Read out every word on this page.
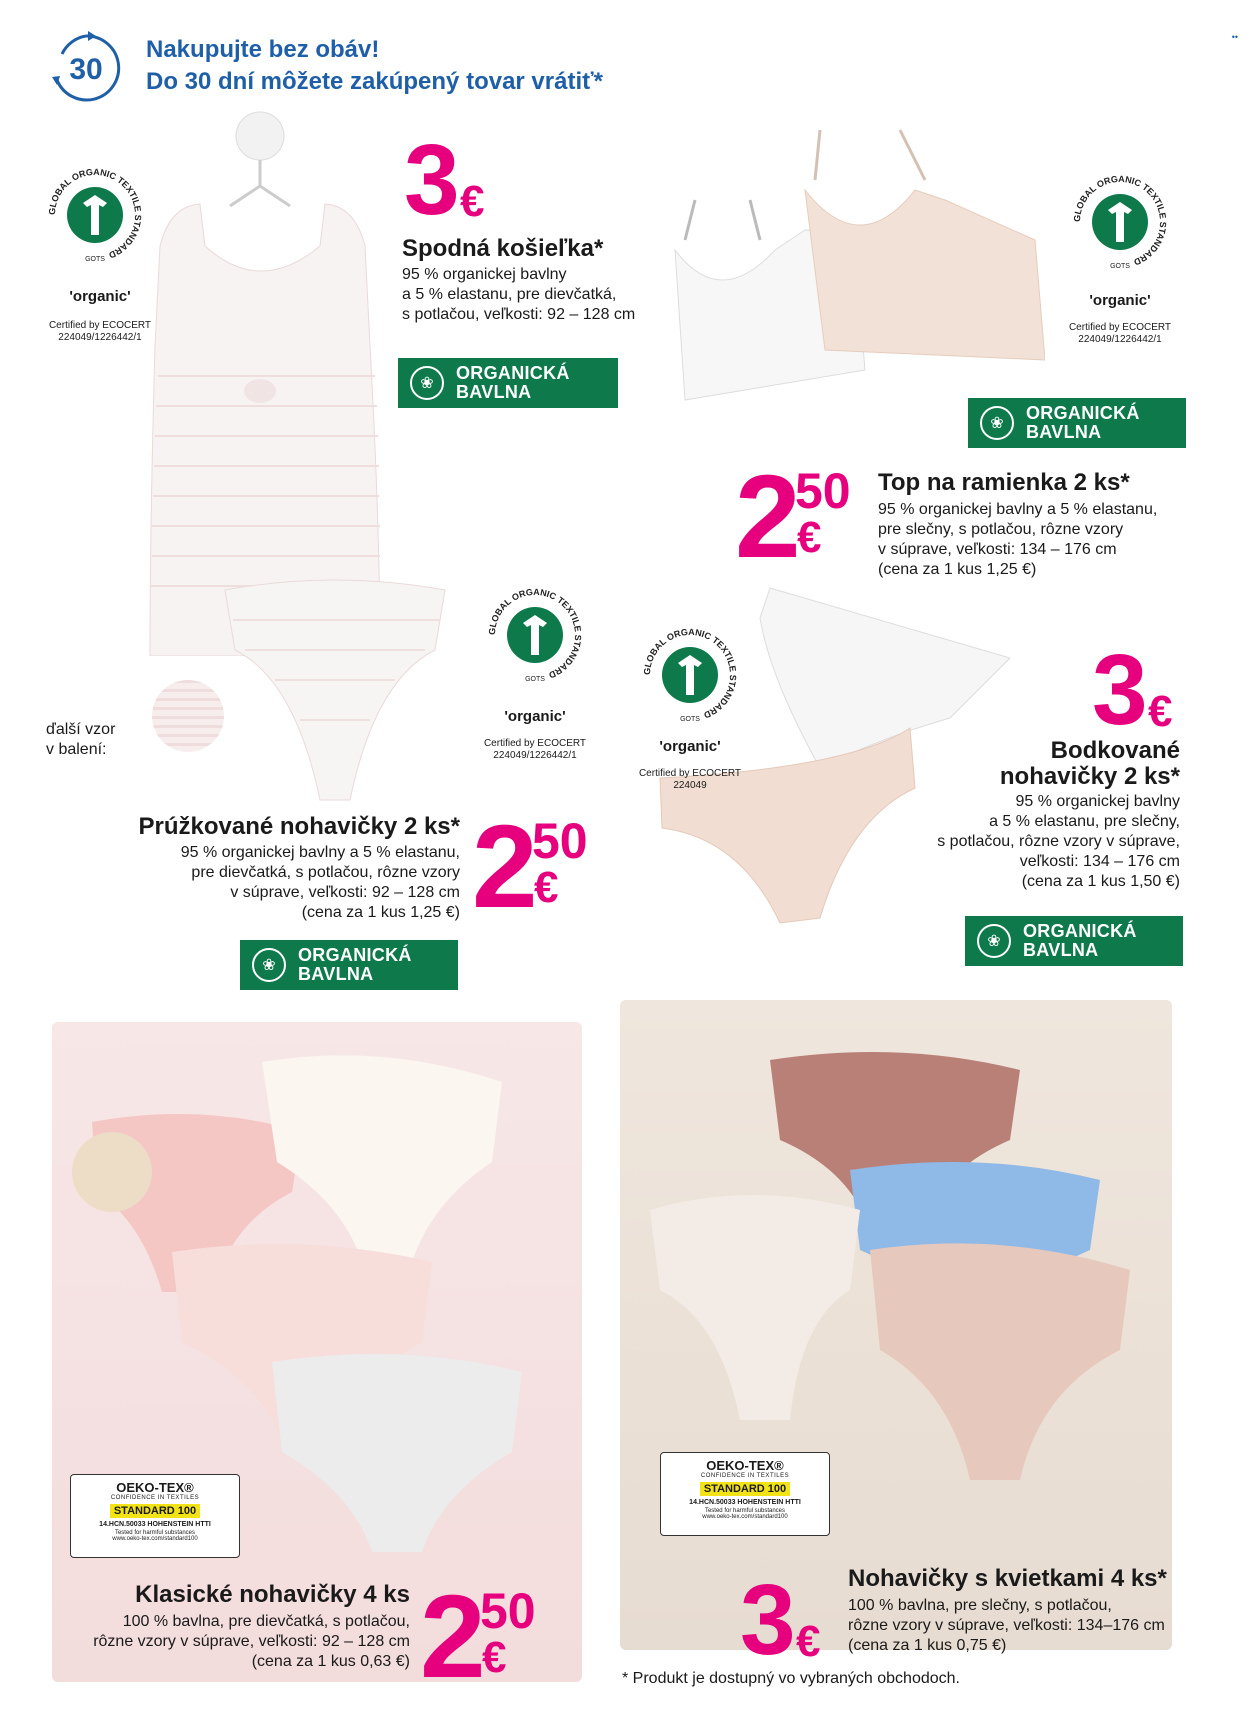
30
Nakupujte bez obáv!
Do 30 dní môžete zakúpený tovar vrátiť*
••
3 €
Spodná košieľka*
95 % organickej bavlny
a 5 % elastanu, pre dievčatká,
s potlačou, veľkosti: 92 – 128 cm
❀
ORGANICKÁ
BAVLNA
GLOBAL ORGANIC TEXTILE STANDARD
GOTS
'organic'
Certified by ECOCERT
224049/1226442/1
GLOBAL ORGANIC TEXTILE STANDARD
GOTS
'organic'
Certified by ECOCERT
224049/1226442/1
❀
ORGANICKÁ
BAVLNA
2
50
€
Top na ramienka 2 ks*
95 % organickej bavlny a 5 % elastanu,
pre slečny, s potlačou, rôzne vzory
v súprave, veľkosti: 134 – 176 cm
(cena za 1 kus 1,25 €)
GLOBAL ORGANIC TEXTILE STANDARD
GOTS
'organic'
Certified by ECOCERT
224049/1226442/1
ďalší vzor
v balení:
Prúžkované nohavičky 2 ks*
95 % organickej bavlny a 5 % elastanu,
pre dievčatká, s potlačou, rôzne vzory
v súprave, veľkosti: 92 – 128 cm
(cena za 1 kus 1,25 €) 2
50
€
❀
ORGANICKÁ
BAVLNA
GLOBAL ORGANIC TEXTILE STANDARD
GOTS
'organic'
Certified by ECOCERT
224049
3 €
Bodkované
nohavičky 2 ks*
95 % organickej bavlny
a 5 % elastanu, pre slečny,
s potlačou, rôzne vzory v súprave,
veľkosti: 134 – 176 cm
(cena za 1 kus 1,50 €)
❀
ORGANICKÁ
BAVLNA
OEKO-TEX®
CONFIDENCE IN TEXTILES
STANDARD 100
14.HCN.50033 HOHENSTEIN HTTI
Tested for harmful substances
www.oeko-tex.com/standard100
OEKO-TEX®
CONFIDENCE IN TEXTILES
STANDARD 100
14.HCN.50033 HOHENSTEIN HTTI
Tested for harmful substances
www.oeko-tex.com/standard100
Klasické nohavičky 4 ks
100 % bavlna, pre dievčatká, s potlačou,
rôzne vzory v súprave, veľkosti: 92 – 128 cm
(cena za 1 kus 0,63 €) 2
50
€ 3 €
Nohavičky s kvietkami 4 ks*
100 % bavlna, pre slečny, s potlačou,
rôzne vzory v súprave, veľkosti: 134–176 cm
(cena za 1 kus 0,75 €)
* Produkt je dostupný vo vybraných obchodoch.
